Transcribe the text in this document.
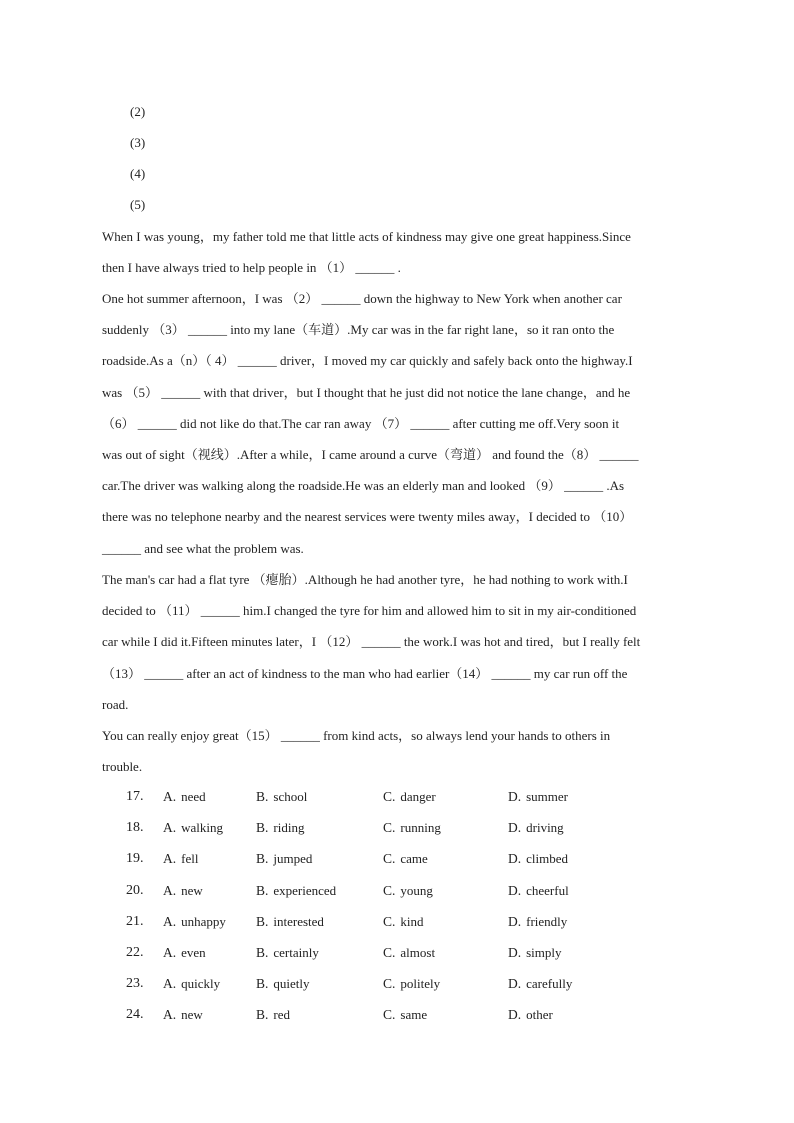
(2)
(3)
(4)
(5)
When I was young，my father told me that little acts of kindness may give one great happiness.Since
then I have always tried to help people in （1） ______ .
One hot summer afternoon，I was （2） ______ down the highway to New York when another car
suddenly （3） ______ into my lane（车道）.My car was in the far right lane，so it ran onto the
roadside.As a（n）（ 4） ______ driver，I moved my car quickly and safely back onto the highway.I
was （5） ______ with that driver，but I thought that he just did not notice the lane change，and he
（6） ______ did not like do that.The car ran away （7） ______ after cutting me off.Very soon it
was out of sight（视线）.After a while，I came around a curve（弯道） and found the（8） ______
car.The driver was walking along the roadside.He was an elderly man and looked （9） ______ .As
there was no telephone nearby and the nearest services were twenty miles away，I decided to （10）
______ and see what the problem was.
The man's car had a flat tyre （瘪胎）.Although he had another tyre，he had nothing to work with.I
decided to （11） ______ him.I changed the tyre for him and allowed him to sit in my air-conditioned
car while I did it.Fifteen minutes later，I （12） ______ the work.I was hot and tired，but I really felt
（13） ______ after an act of kindness to the man who had earlier（14） ______ my car run off the
road.
You can really enjoy great（15） ______ from kind acts，so always lend your hands to others in
trouble.
17. A. need	B. school	C. danger	D. summer
18. A. walking B. riding	C. running	D. driving
19. A. fell	B. jumped	C. came	D. climbed
20. A. new	B. experienced	C. young	D. cheerful
21. A. unhappy B. interested	C. kind	D. friendly
22. A. even	B. certainly	C. almost	D. simply
23. A. quickly	B. quietly	C. politely	D. carefully
24. A. new	B. red	C. same	D. other
